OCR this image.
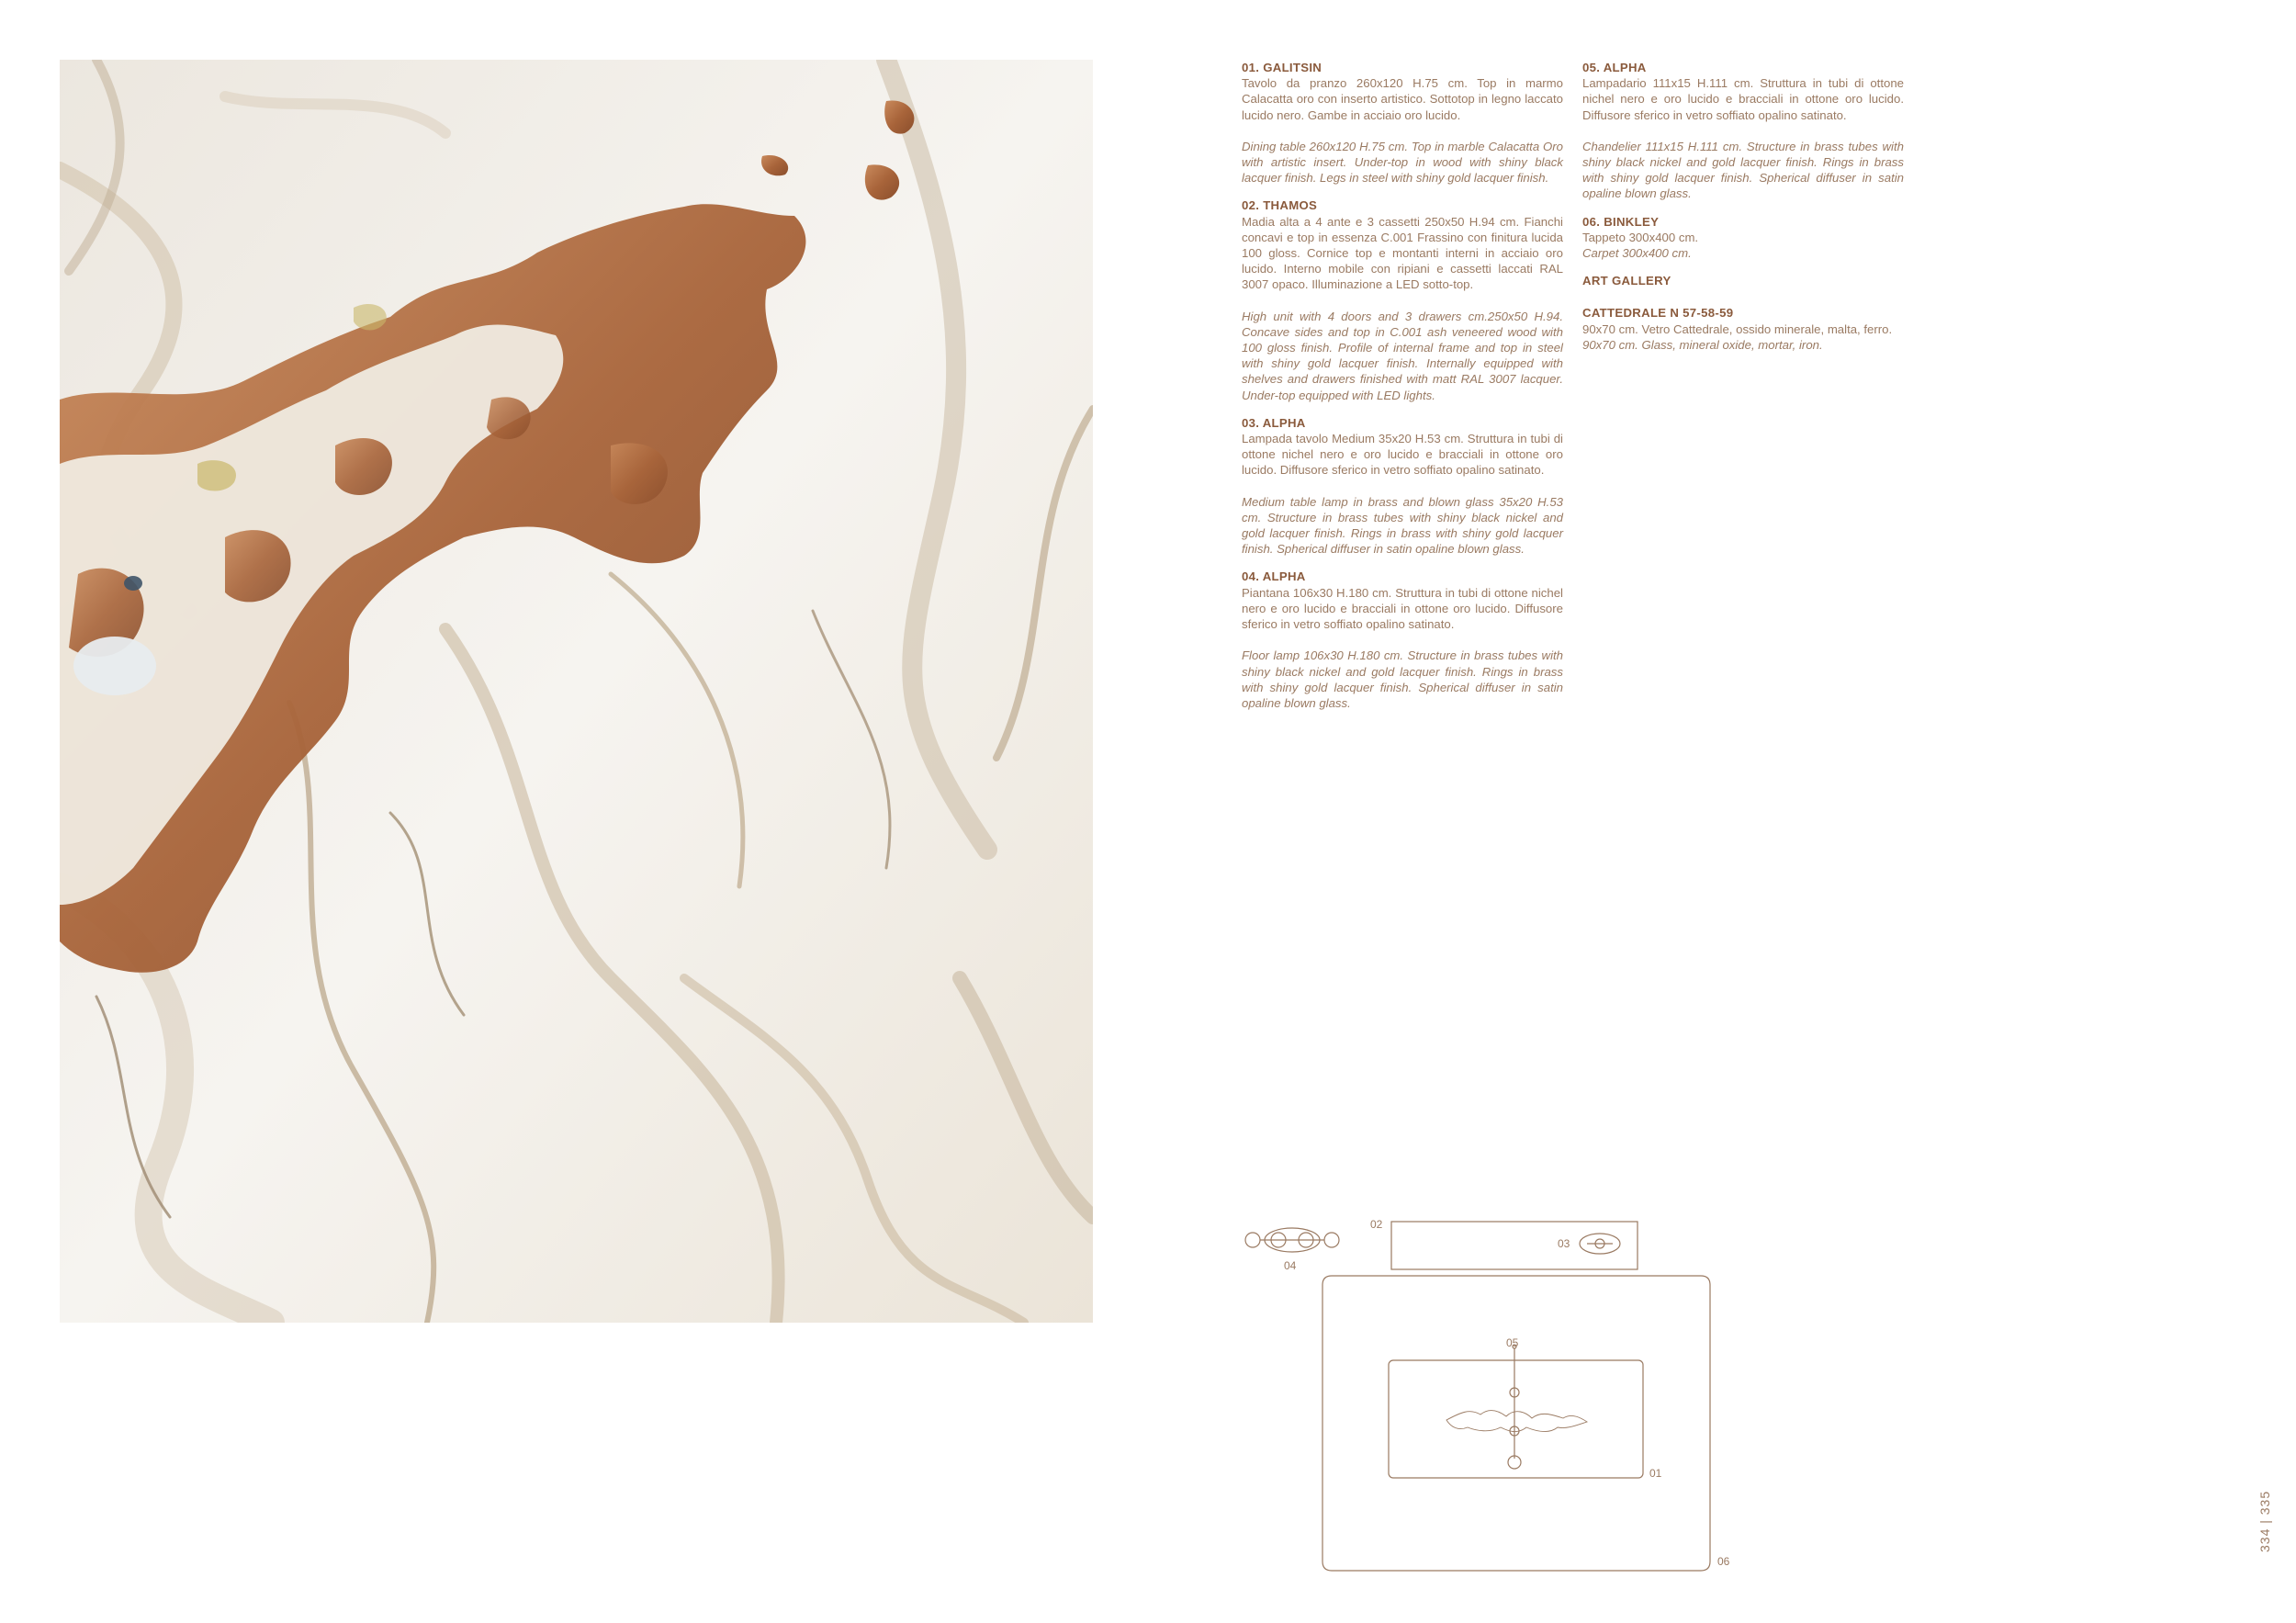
01. GALITSIN
Tavolo da pranzo 260x120 H.75 cm. Top in marmo Calacatta oro con inserto artistico. Sottotop in legno laccato lucido nero. Gambe in acciaio oro lucido.
Dining table 260x120 H.75 cm. Top in marble Calacatta Oro with artistic insert. Under-top in wood with shiny black lacquer finish. Legs in steel with shiny gold lacquer finish.
02. THAMOS
Madia alta a 4 ante e 3 cassetti 250x50 H.94 cm. Fianchi concavi e top in essenza C.001 Frassino con finitura lucida 100 gloss. Cornice top e montanti interni in acciaio oro lucido. Interno mobile con ripiani e cassetti laccati RAL 3007 opaco. Illuminazione a LED sotto-top.
High unit with 4 doors and 3 drawers cm.250x50 H.94. Concave sides and top in C.001 ash veneered wood with 100 gloss finish. Profile of internal frame and top in steel with shiny gold lacquer finish. Internally equipped with shelves and drawers finished with matt RAL 3007 lacquer. Under-top equipped with LED lights.
03. ALPHA
Lampada tavolo Medium 35x20 H.53 cm. Struttura in tubi di ottone nichel nero e oro lucido e bracciali in ottone oro lucido. Diffusore sferico in vetro soffiato opalino satinato.
Medium table lamp in brass and blown glass 35x20 H.53 cm. Structure in brass tubes with shiny black nickel and gold lacquer finish. Rings in brass with shiny gold lacquer finish. Spherical diffuser in satin opaline blown glass.
04. ALPHA
Piantana 106x30 H.180 cm. Struttura in tubi di ottone nichel nero e oro lucido e bracciali in ottone oro lucido. Diffusore sferico in vetro soffiato opalino satinato.
Floor lamp 106x30 H.180 cm. Structure in brass tubes with shiny black nickel and gold lacquer finish. Rings in brass with shiny gold lacquer finish. Spherical diffuser in satin opaline blown glass.
05. ALPHA
Lampadario 111x15 H.111 cm. Struttura in tubi di ottone nichel nero e oro lucido e bracciali in ottone oro lucido. Diffusore sferico in vetro soffiato opalino satinato.
Chandelier 111x15 H.111 cm. Structure in brass tubes with shiny black nickel and gold lacquer finish. Rings in brass with shiny gold lacquer finish. Spherical diffuser in satin opaline blown glass.
06. BINKLEY
Tappeto 300x400 cm.
Carpet 300x400 cm.
ART GALLERY
CATTEDRALE N 57-58-59
90x70 cm. Vetro Cattedrale, ossido minerale, malta, ferro.
90x70 cm. Glass, mineral oxide, mortar, iron.
02
03
04
05
01
06
334 | 335
